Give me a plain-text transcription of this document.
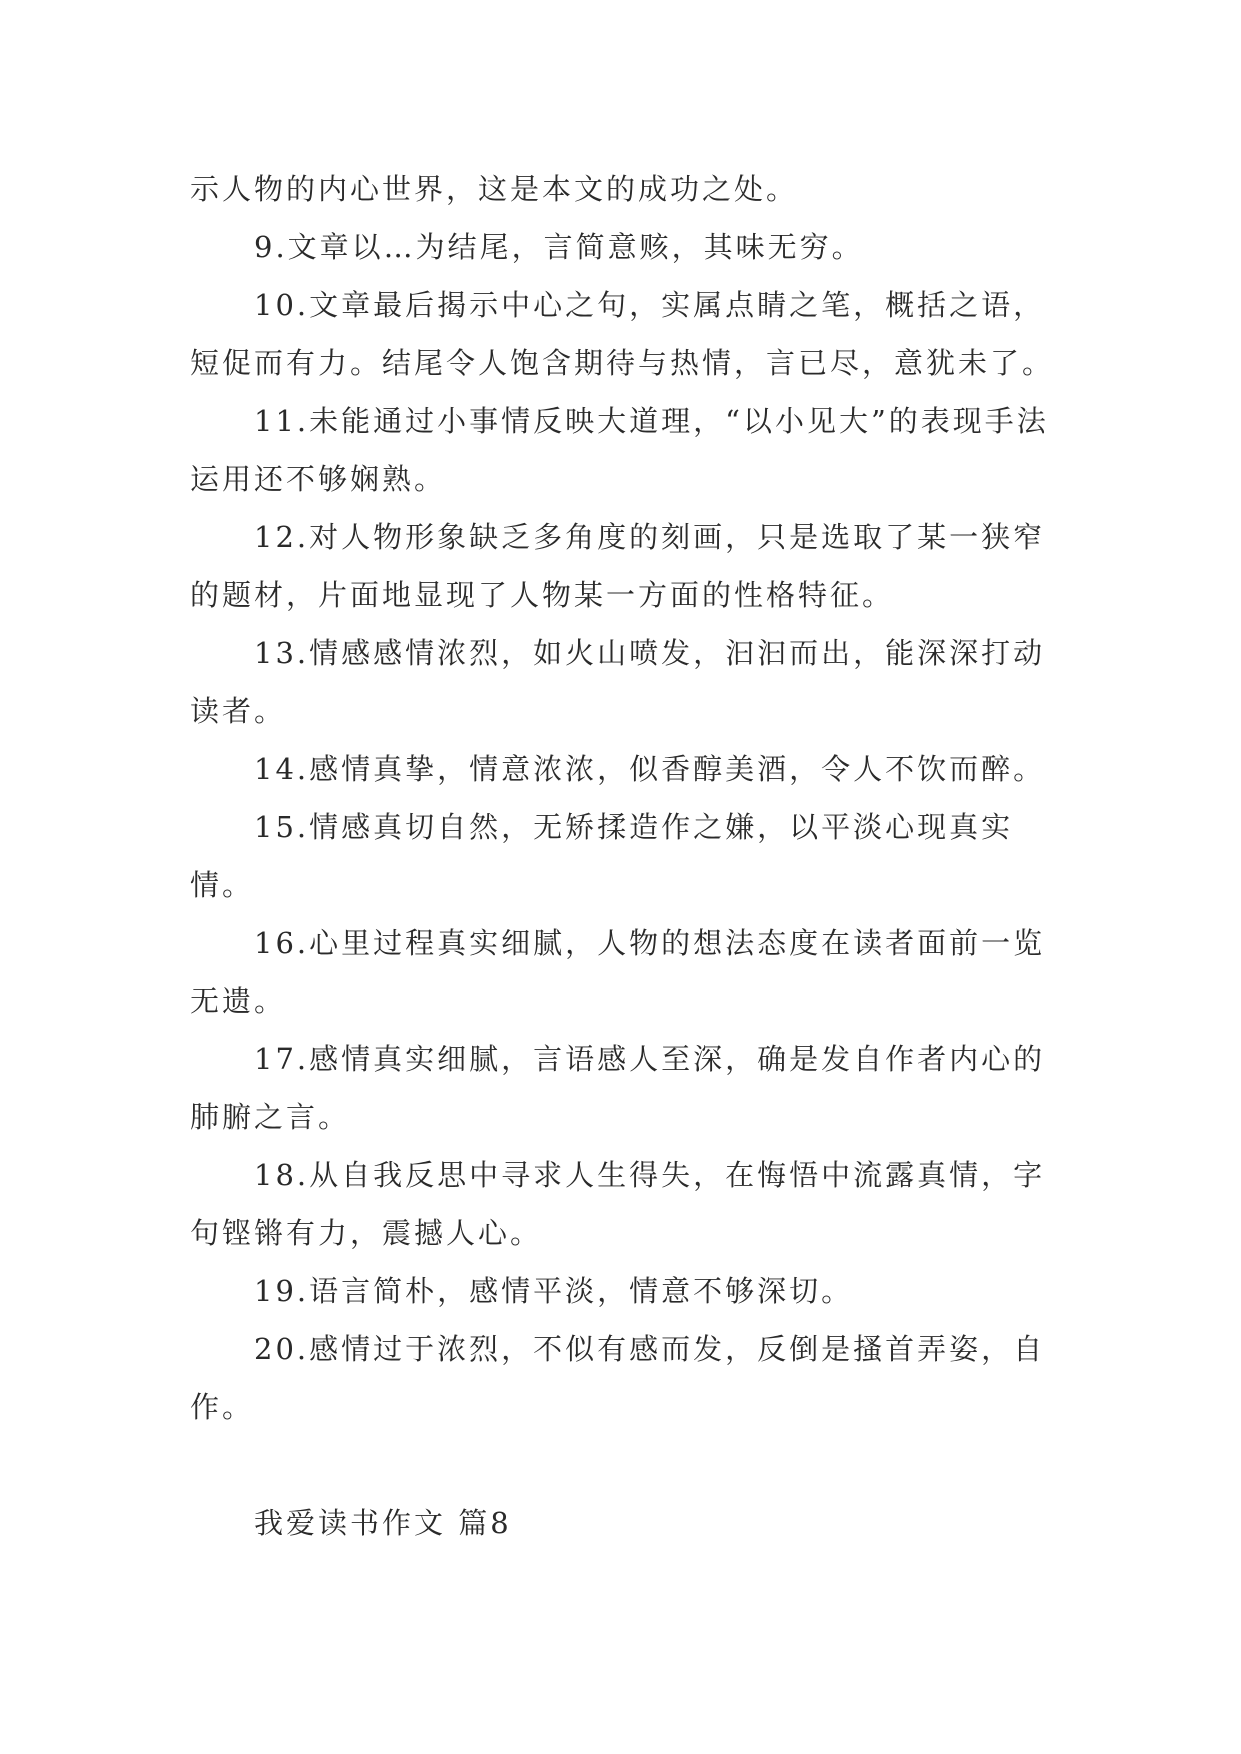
示人物的内心世界，这是本文的成功之处。

9.文章以…为结尾，言简意赅，其味无穷。

10.文章最后揭示中心之句，实属点睛之笔，概括之语，短促而有力。结尾令人饱含期待与热情，言已尽，意犹未了。

11.未能通过小事情反映大道理，“以小见大”的表现手法运用还不够娴熟。

12.对人物形象缺乏多角度的刻画，只是选取了某一狭窄的题材，片面地显现了人物某一方面的性格特征。

13.情感感情浓烈，如火山喷发，汩汩而出，能深深打动读者。

14.感情真挚，情意浓浓，似香醇美酒，令人不饮而醉。

15.情感真切自然，无矫揉造作之嫌，以平淡心现真实情。

16.心里过程真实细腻，人物的想法态度在读者面前一览无遗。

17.感情真实细腻，言语感人至深，确是发自作者内心的肺腑之言。

18.从自我反思中寻求人生得失，在悔悟中流露真情，字句铿锵有力，震撼人心。

19.语言简朴，感情平淡，情意不够深切。

20.感情过于浓烈，不似有感而发，反倒是搔首弄姿，自作。

我爱读书作文 篇8
